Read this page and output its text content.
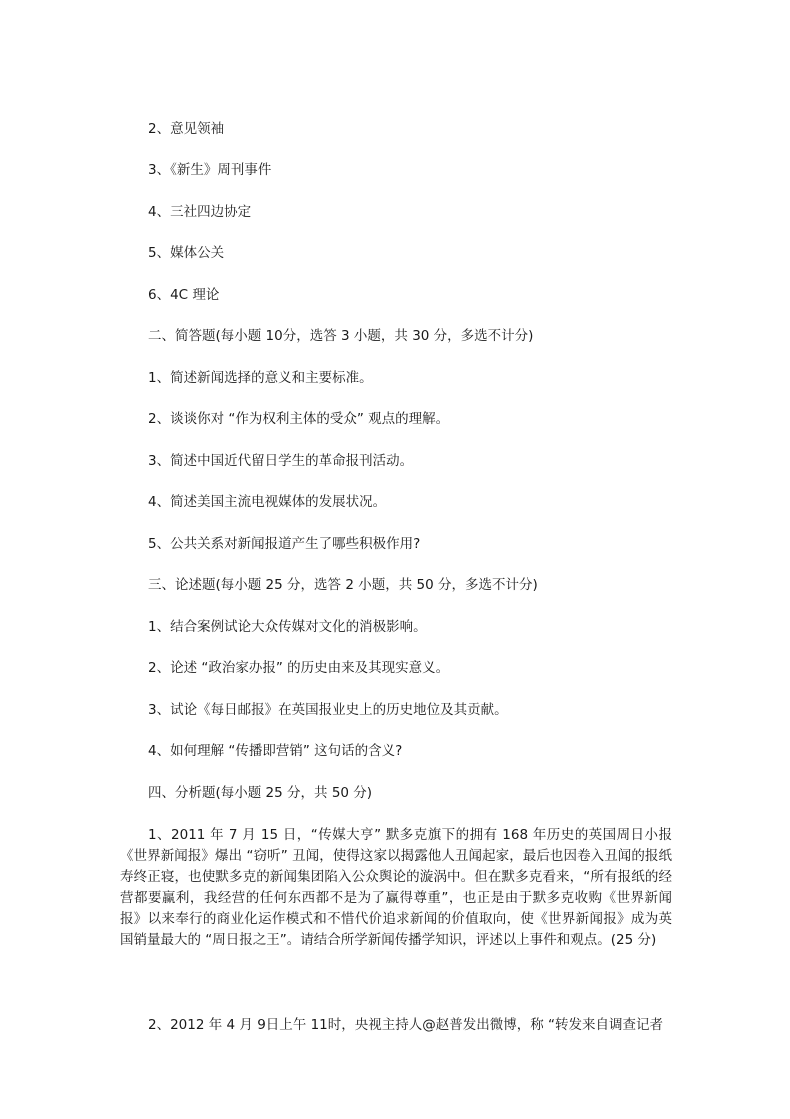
2、意见领袖
3、《新生》周刊事件
4、三社四边协定
5、媒体公关
6、4C 理论
二、简答题(每小题 10分，选答 3 小题，共 30 分，多选不计分)
1、简述新闻选择的意义和主要标准。
2、谈谈你对 “作为权利主体的受众” 观点的理解。
3、简述中国近代留日学生的革命报刊活动。
4、简述美国主流电视媒体的发展状况。
5、公共关系对新闻报道产生了哪些积极作用?
三、论述题(每小题 25 分，选答 2 小题，共 50 分，多选不计分)
1、结合案例试论大众传媒对文化的消极影响。
2、论述 “政治家办报” 的历史由来及其现实意义。
3、试论《每日邮报》在英国报业史上的历史地位及其贡献。
4、如何理解 “传播即营销” 这句话的含义?
四、分析题(每小题 25 分，共 50 分)
1、2011 年 7 月 15 日，“传媒大亨” 默多克旗下的拥有 168 年历史的英国周日小报《世界新闻报》爆出 “窃听” 丑闻，使得这家以揭露他人丑闻起家，最后也因卷入丑闻的报纸寿终正寝，也使默多克的新闻集团陷入公众舆论的漩涡中。但在默多克看来，“所有报纸的经营都要赢利，我经营的任何东西都不是为了赢得尊重”，也正是由于默多克收购《世界新闻报》以来奉行的商业化运作模式和不惜代价追求新闻的价值取向，使《世界新闻报》成为英国销量最大的 “周日报之王”。请结合所学新闻传播学知识，评述以上事件和观点。(25 分)
2、2012 年 4 月 9日上午 11时，央视主持人@赵普发出微博，称 “转发来自调查记者
